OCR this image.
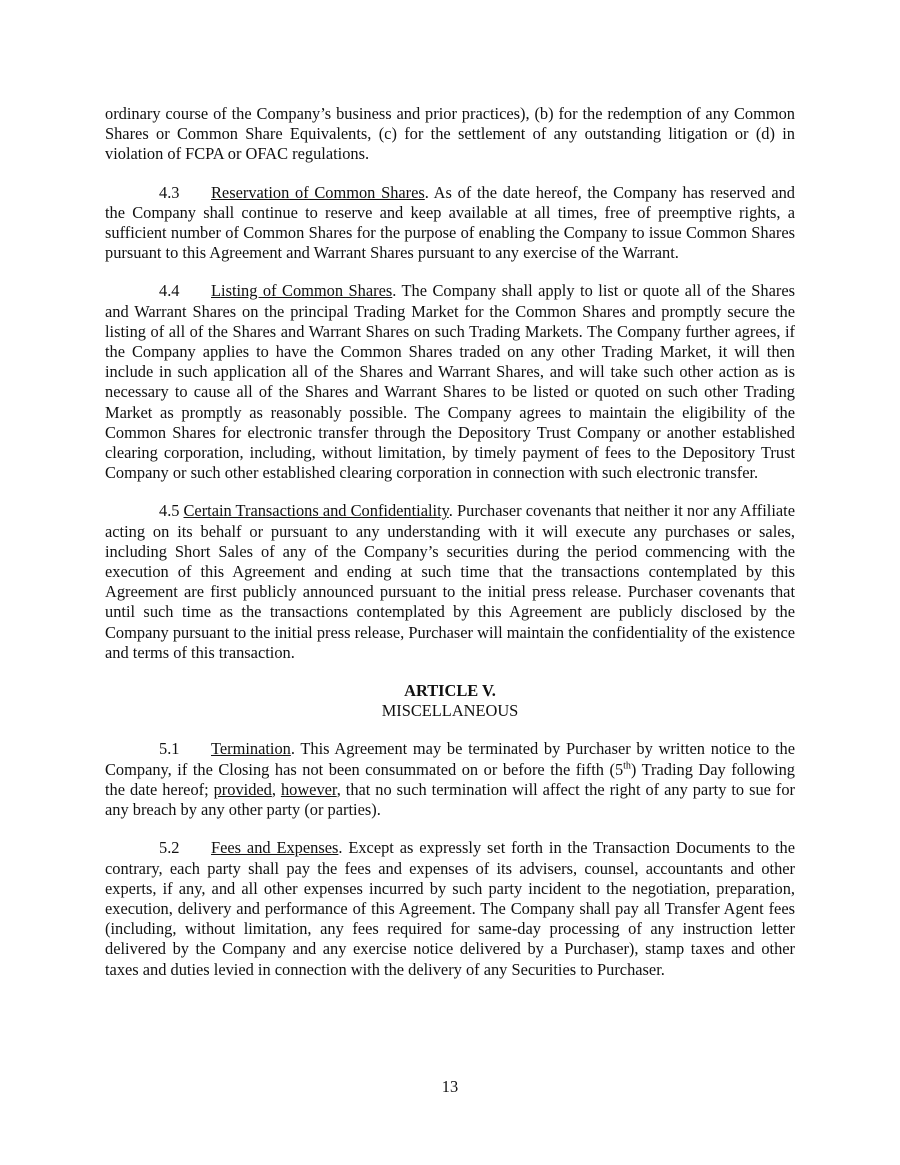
ordinary course of the Company’s business and prior practices), (b) for the redemption of any Common Shares or Common Share Equivalents, (c) for the settlement of any outstanding litigation or (d) in violation of FCPA or OFAC regulations.

4.3 Reservation of Common Shares. As of the date hereof, the Company has reserved and the Company shall continue to reserve and keep available at all times, free of preemptive rights, a sufficient number of Common Shares for the purpose of enabling the Company to issue Common Shares pursuant to this Agreement and Warrant Shares pursuant to any exercise of the Warrant.

4.4 Listing of Common Shares. The Company shall apply to list or quote all of the Shares and Warrant Shares on the principal Trading Market for the Common Shares and promptly secure the listing of all of the Shares and Warrant Shares on such Trading Markets. The Company further agrees, if the Company applies to have the Common Shares traded on any other Trading Market, it will then include in such application all of the Shares and Warrant Shares, and will take such other action as is necessary to cause all of the Shares and Warrant Shares to be listed or quoted on such other Trading Market as promptly as reasonably possible. The Company agrees to maintain the eligibility of the Common Shares for electronic transfer through the Depository Trust Company or another established clearing corporation, including, without limitation, by timely payment of fees to the Depository Trust Company or such other established clearing corporation in connection with such electronic transfer.

4.5 Certain Transactions and Confidentiality. Purchaser covenants that neither it nor any Affiliate acting on its behalf or pursuant to any understanding with it will execute any purchases or sales, including Short Sales of any of the Company’s securities during the period commencing with the execution of this Agreement and ending at such time that the transactions contemplated by this Agreement are first publicly announced pursuant to the initial press release. Purchaser covenants that until such time as the transactions contemplated by this Agreement are publicly disclosed by the Company pursuant to the initial press release, Purchaser will maintain the confidentiality of the existence and terms of this transaction.

ARTICLE V.
MISCELLANEOUS

5.1 Termination. This Agreement may be terminated by Purchaser by written notice to the Company, if the Closing has not been consummated on or before the fifth (5th) Trading Day following the date hereof; provided, however, that no such termination will affect the right of any party to sue for any breach by any other party (or parties).

5.2 Fees and Expenses. Except as expressly set forth in the Transaction Documents to the contrary, each party shall pay the fees and expenses of its advisers, counsel, accountants and other experts, if any, and all other expenses incurred by such party incident to the negotiation, preparation, execution, delivery and performance of this Agreement. The Company shall pay all Transfer Agent fees (including, without limitation, any fees required for same-day processing of any instruction letter delivered by the Company and any exercise notice delivered by a Purchaser), stamp taxes and other taxes and duties levied in connection with the delivery of any Securities to Purchaser.

13
